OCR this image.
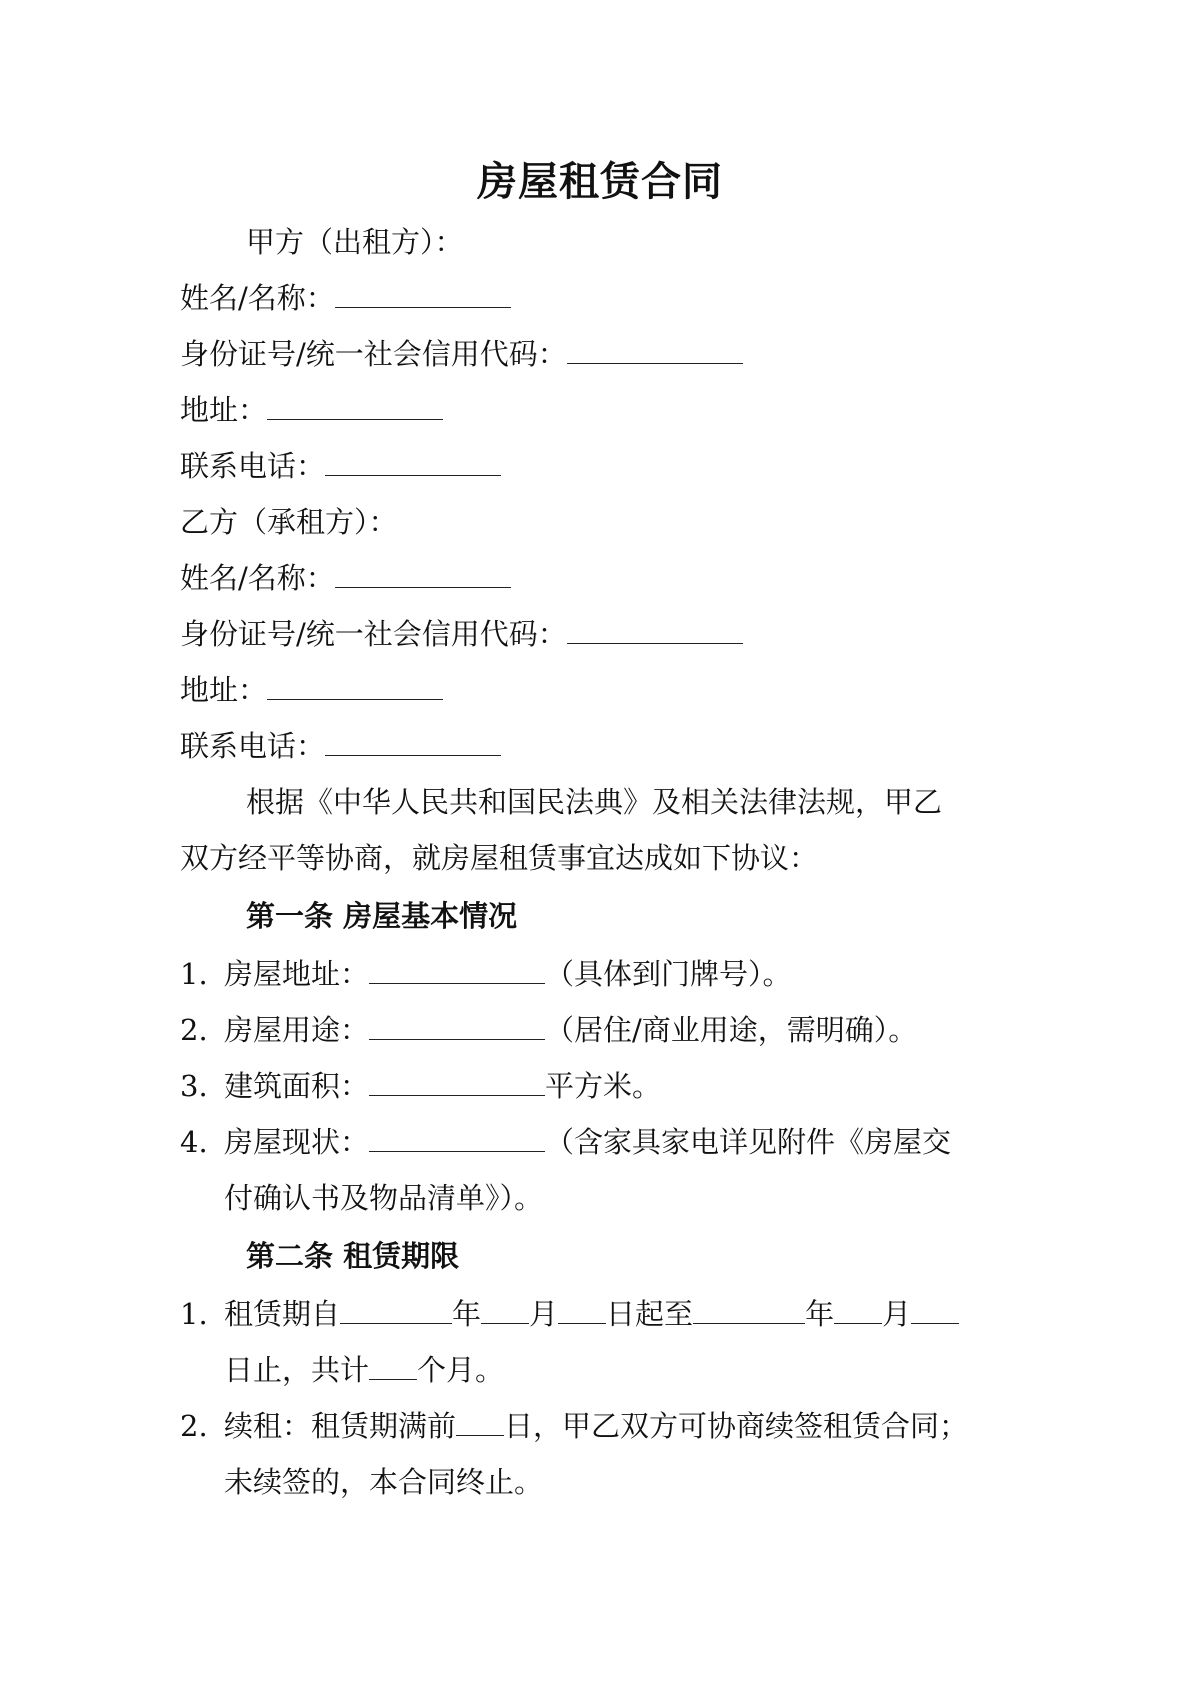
房屋租赁合同
甲方（出租方）：
姓名/名称：
身份证号/统一社会信用代码：
地址：
联系电话：
乙方（承租方）：
姓名/名称：
身份证号/统一社会信用代码：
地址：
联系电话：
根据《中华人民共和国民法典》及相关法律法规，甲乙
双方经平等协商，就房屋租赁事宜达成如下协议：
第一条 房屋基本情况
1. 房屋地址：	（具体到门牌号）。
2. 房屋用途：	（居住/商业用途，需明确）。
3. 建筑面积：	平方米。
4. 房屋现状：	（含家具家电详见附件《房屋交
付确认书及物品清单》）。
第二条 租赁期限
1. 租赁期自	年 月 日起至	年 月
日止，共计 个月。
2. 续租：租赁期满前 日，甲乙双方可协商续签租赁合同；
未续签的，本合同终止。
